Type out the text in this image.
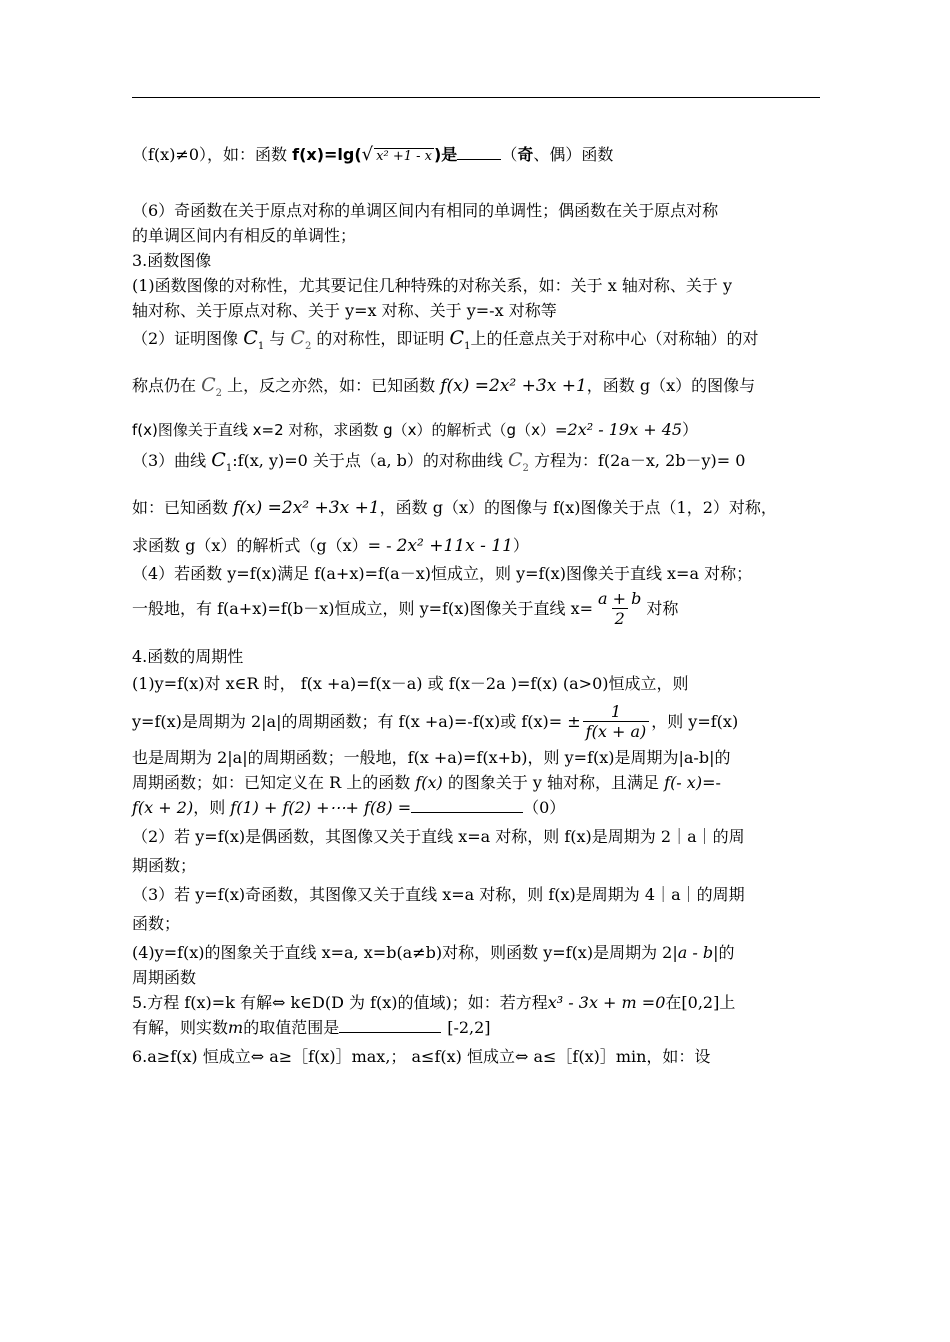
（f(x)≠0），如：函数 f(x)=lg(√ x² +1 - x )是	（奇、偶）函数
（6）奇函数在关于原点对称的单调区间内有相同的单调性；偶函数在关于原点对称
的单调区间内有相反的单调性；
3.函数图像
(1)函数图像的对称性，尤其要记住几种特殊的对称关系，如：关于 x 轴对称、关于 y
轴对称、关于原点对称、关于 y=x 对称、关于 y=-x 对称等
（2）证明图像 $C_1$ 与 $C_2$ 的对称性，即证明 $C_1$上的任意点关于对称中心（对称轴）的对
称点仍在 $C_2$ 上，反之亦然，如：已知函数 f(x) =2x² +3x +1，函数 g（x）的图像与
f(x)图像关于直线 x=2 对称，求函数 g（x）的解析式（g（x）=2x² - 19x + 45）
（3）曲线 $C_1:f(x$, y)=0 关于点（a, b）的对称曲线 $C_2$ 方程为：f(2a－x, 2b－y)= 0
如：已知函数 f(x) =2x² +3x +1，函数 g（x）的图像与 f(x)图像关于点（1，2）对称，
求函数 g（x）的解析式（g（x）= - 2x² +11x - 11）
（4）若函数 y=f(x)满足 f(a+x)=f(a－x)恒成立，则 y=f(x)图像关于直线 x=a 对称；
一般地，有 f(a+x)=f(b－x)恒成立，则 y=f(x)图像关于直线 $x= \frac{a + b}{2}$ 对称
4.函数的周期性
(1)y=f(x)对 x∈R 时， f(x +a)=f(x－a) 或 f(x－2a )=f(x) (a>0)恒成立，则
y=f(x)是周期为 2|a|的周期函数；有 f(x +a)=-f(x)或 $f(x)= \pm \frac{1}{f(x + a)}$ ，则 y=f(x)
也是周期为 2|a|的周期函数；一般地，f(x +a)=f(x+b)，则 y=f(x)是周期为|a-b|的
周期函数；如：已知定义在 R 上的函数 f(x) 的图象关于 y 轴对称，且满足 f(- x)=-
f(x + 2)，则 f(1) + f(2) +⋯+ f(8) =	（0）
（2）若 y=f(x)是偶函数，其图像又关于直线 x=a 对称，则 f(x)是周期为 2｜a｜的周
期函数；
（3）若 y=f(x)奇函数，其图像又关于直线 x=a 对称，则 f(x)是周期为 4｜a｜的周期
函数；
(4)y=f(x)的图象关于直线 x=a, x=b(a≠b)对称，则函数 y=f(x)是周期为 2|a - b|的
周期函数
5.方程 f(x)=k 有解⇔ k∈D(D 为 f(x)的值域)；如：若方程x³ - 3x + m =0在[0,2]上
有解，则实数m的取值范围是	[-2,2]
6.a≥f(x) 恒成立⇔ a≥［f(x)］max,； a≤f(x) 恒成立⇔ a≤［f(x)］min，如：设
